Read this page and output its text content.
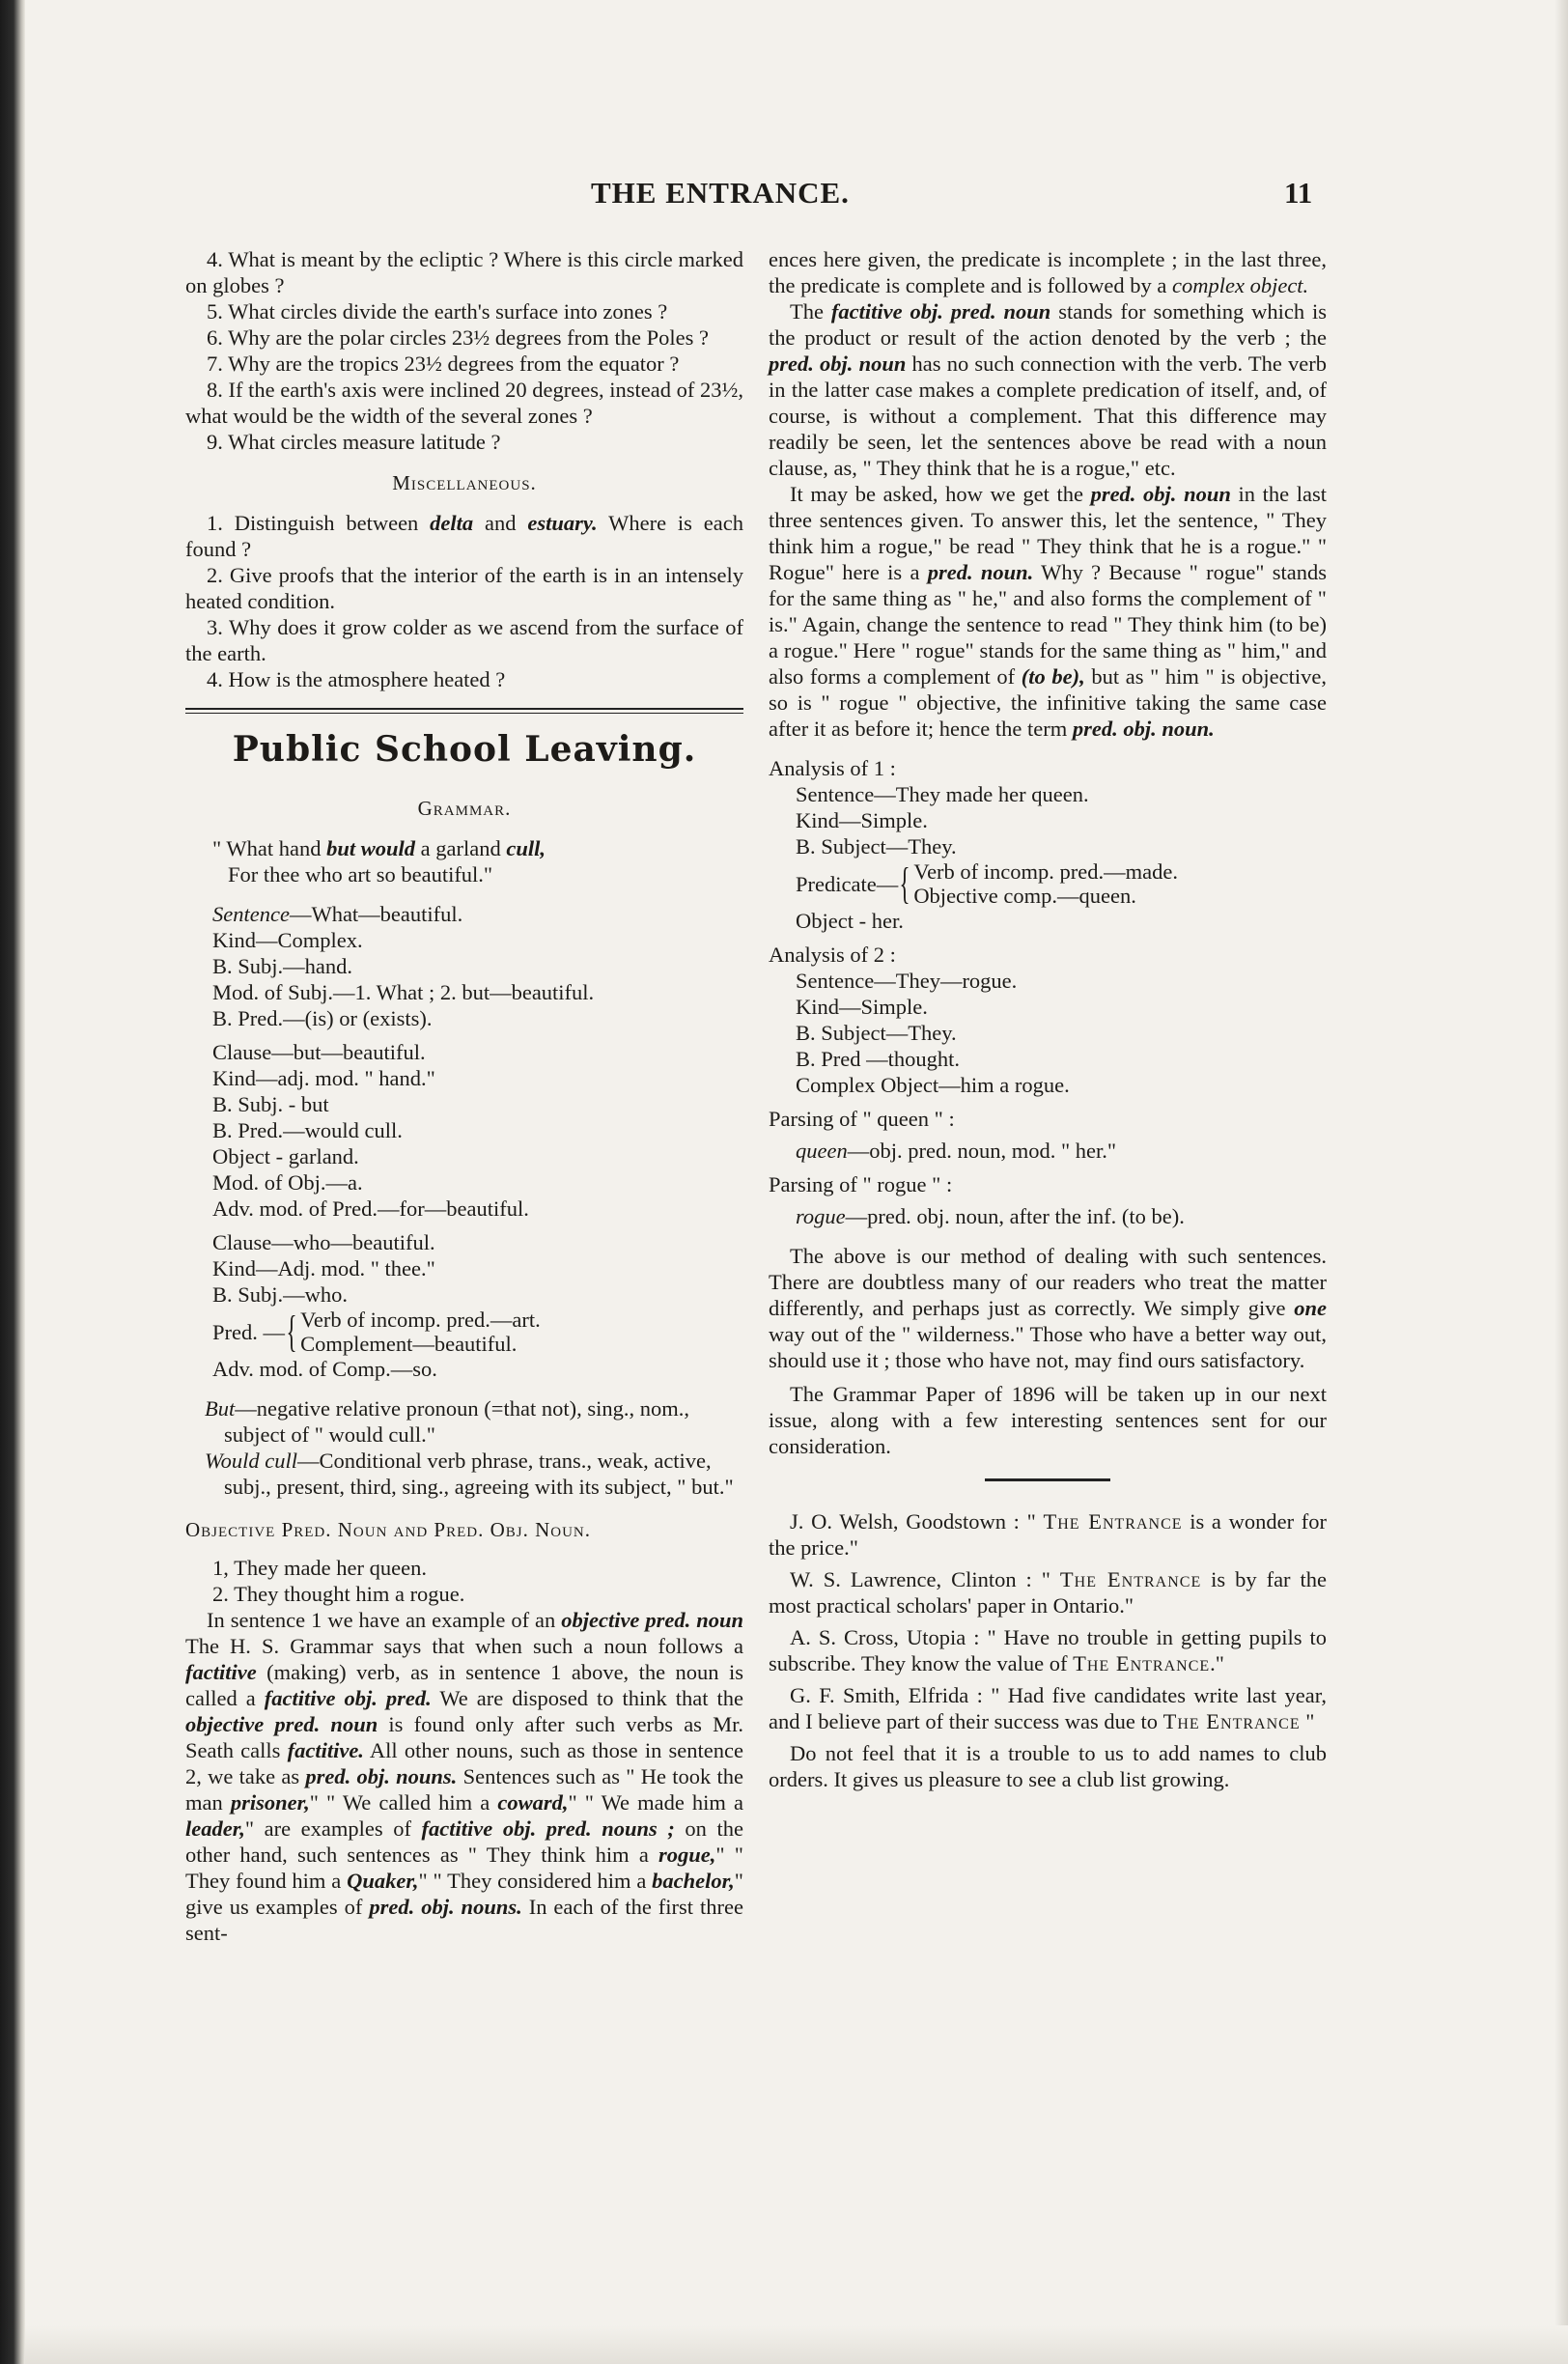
THE ENTRANCE.	11

4. What is meant by the ecliptic ? Where is this circle marked on globes ?

5. What circles divide the earth's surface into zones ?

6. Why are the polar circles 23½ degrees from the Poles ?

7. Why are the tropics 23½ degrees from the equator ?

8. If the earth's axis were inclined 20 degrees, instead of 23½, what would be the width of the several zones ?

9. What circles measure latitude ?

Miscellaneous.

1. Distinguish between delta and estuary. Where is each found ?

2. Give proofs that the interior of the earth is in an intensely heated condition.

3. Why does it grow colder as we ascend from the surface of the earth.

4. How is the atmosphere heated ?

Public School Leaving.
Grammar.
" What hand but would a garland cull,
For thee who art so beautiful."
Sentence—What—beautiful.
Kind—Complex.
B. Subj.—hand.
Mod. of Subj.—1. What ; 2. but—beautiful.
B. Pred.—(is) or (exists).
Clause—but—beautiful.
Kind—adj. mod. " hand."
B. Subj. - but
B. Pred.—would cull.
Object - garland.
Mod. of Obj.—a.
Adv. mod. of Pred.—for—beautiful.
Clause—who—beautiful.
Kind—Adj. mod. " thee."
B. Subj.—who.
Pred. — { Verb of incomp. pred.—art.
Complement—beautiful.
Adv. mod. of Comp.—so.
But—negative relative pronoun (=that not), sing., nom., subject of " would cull."
Would cull—Conditional verb phrase, trans., weak, active, subj., present, third, sing., agreeing with its subject, " but."
Objective Pred. Noun and Pred. Obj. Noun.
1, They made her queen.
2. They thought him a rogue.

In sentence 1 we have an example of an objective pred. noun The H. S. Grammar says that when such a noun follows a factitive (making) verb, as in sentence 1 above, the noun is called a factitive obj. pred. We are disposed to think that the objective pred. noun is found only after such verbs as Mr. Seath calls factitive. All other nouns, such as those in sentence 2, we take as pred. obj. nouns. Sentences such as " He took the man prisoner," " We called him a coward," " We made him a leader," are examples of factitive obj. pred. nouns ; on the other hand, such sentences as " They think him a rogue," " They found him a Quaker," " They considered him a bachelor," give us examples of pred. obj. nouns. In each of the first three sent-

ences here given, the predicate is incomplete ; in the last three, the predicate is complete and is followed by a complex object.

The factitive obj. pred. noun stands for something which is the product or result of the action denoted by the verb ; the pred. obj. noun has no such connection with the verb. The verb in the latter case makes a complete predication of itself, and, of course, is without a complement. That this difference may readily be seen, let the sentences above be read with a noun clause, as, " They think that he is a rogue," etc.

It may be asked, how we get the pred. obj. noun in the last three sentences given. To answer this, let the sentence, " They think him a rogue," be read " They think that he is a rogue." " Rogue" here is a pred. noun. Why ? Because " rogue" stands for the same thing as " he," and also forms the complement of " is." Again, change the sentence to read " They think him (to be) a rogue." Here " rogue" stands for the same thing as " him," and also forms a complement of (to be), but as " him " is objective, so is " rogue " objective, the infinitive taking the same case after it as before it; hence the term pred. obj. noun.

Analysis of 1 :
Sentence—They made her queen.
Kind—Simple.
B. Subject—They.
Predicate— { Verb of incomp. pred.—made.
Objective comp.—queen.
Object - her.
Analysis of 2 :
Sentence—They—rogue.
Kind—Simple.
B. Subject—They.
B. Pred —thought.
Complex Object—him a rogue.
Parsing of " queen " :
queen—obj. pred. noun, mod. " her."
Parsing of " rogue " :
rogue—pred. obj. noun, after the inf. (to be).

The above is our method of dealing with such sentences. There are doubtless many of our readers who treat the matter differently, and perhaps just as correctly. We simply give one way out of the " wilderness." Those who have a better way out, should use it ; those who have not, may find ours satisfactory.

The Grammar Paper of 1896 will be taken up in our next issue, along with a few interesting sentences sent for our consideration.

J. O. Welsh, Goodstown : " The Entrance is a wonder for the price."

W. S. Lawrence, Clinton : " The Entrance is by far the most practical scholars' paper in Ontario."

A. S. Cross, Utopia : " Have no trouble in getting pupils to subscribe. They know the value of The Entrance."

G. F. Smith, Elfrida : " Had five candidates write last year, and I believe part of their success was due to The Entrance "

Do not feel that it is a trouble to us to add names to club orders. It gives us pleasure to see a club list growing.
